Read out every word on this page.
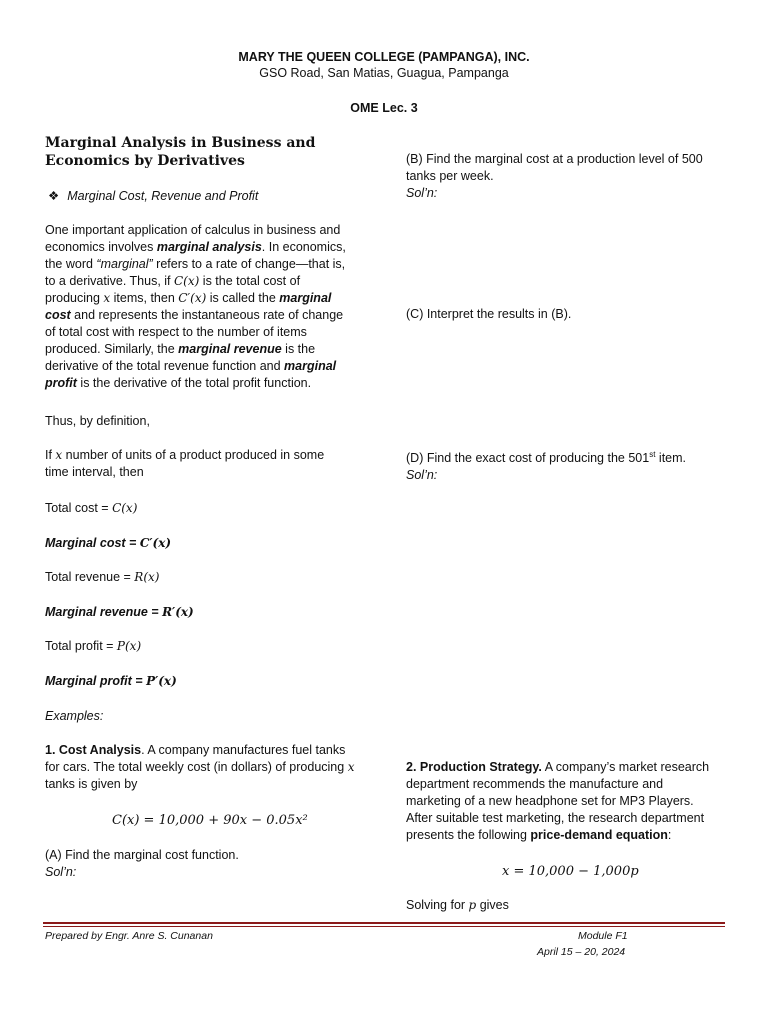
MARY THE QUEEN COLLEGE (PAMPANGA), INC.
GSO Road, San Matias, Guagua, Pampanga
OME Lec. 3
Marginal Analysis in Business and
Economics by Derivatives
❖ Marginal Cost, Revenue and Profit

One important application of calculus in business and

economics involves marginal analysis. In economics,

the word “marginal” refers to a rate of change—that is,

to a derivative. Thus, if C(x) is the total cost of

producing x items, then C′(x) is called the marginal

cost and represents the instantaneous rate of change

of total cost with respect to the number of items

produced. Similarly, the marginal revenue is the

derivative of the total revenue function and marginal

profit is the derivative of the total profit function.

Thus, by definition,

If x number of units of a product produced in some

time interval, then

Total cost = C(x)
Marginal cost = C′(x)
Total revenue = R(x)
Marginal revenue = R′(x)
Total profit = P(x)
Marginal profit = P′(x)
Examples:

1. Cost Analysis. A company manufactures fuel tanks

for cars. The total weekly cost (in dollars) of producing x

tanks is given by

C(x) = 10,000 + 90x − 0.05x²

(A) Find the marginal cost function.

Sol’n:

(B) Find the marginal cost at a production level of 500

tanks per week.

Sol’n:

(C) Interpret the results in (B).

(D) Find the exact cost of producing the 501st item.

Sol’n:

2. Production Strategy. A company’s market research

department recommends the manufacture and

marketing of a new headphone set for MP3 Players.

After suitable test marketing, the research department

presents the following price-demand equation:

x = 10,000 − 1,000p
Solving for p gives
Prepared by Engr. Anre S. Cunanan	Module F1
April 15 – 20, 2024
